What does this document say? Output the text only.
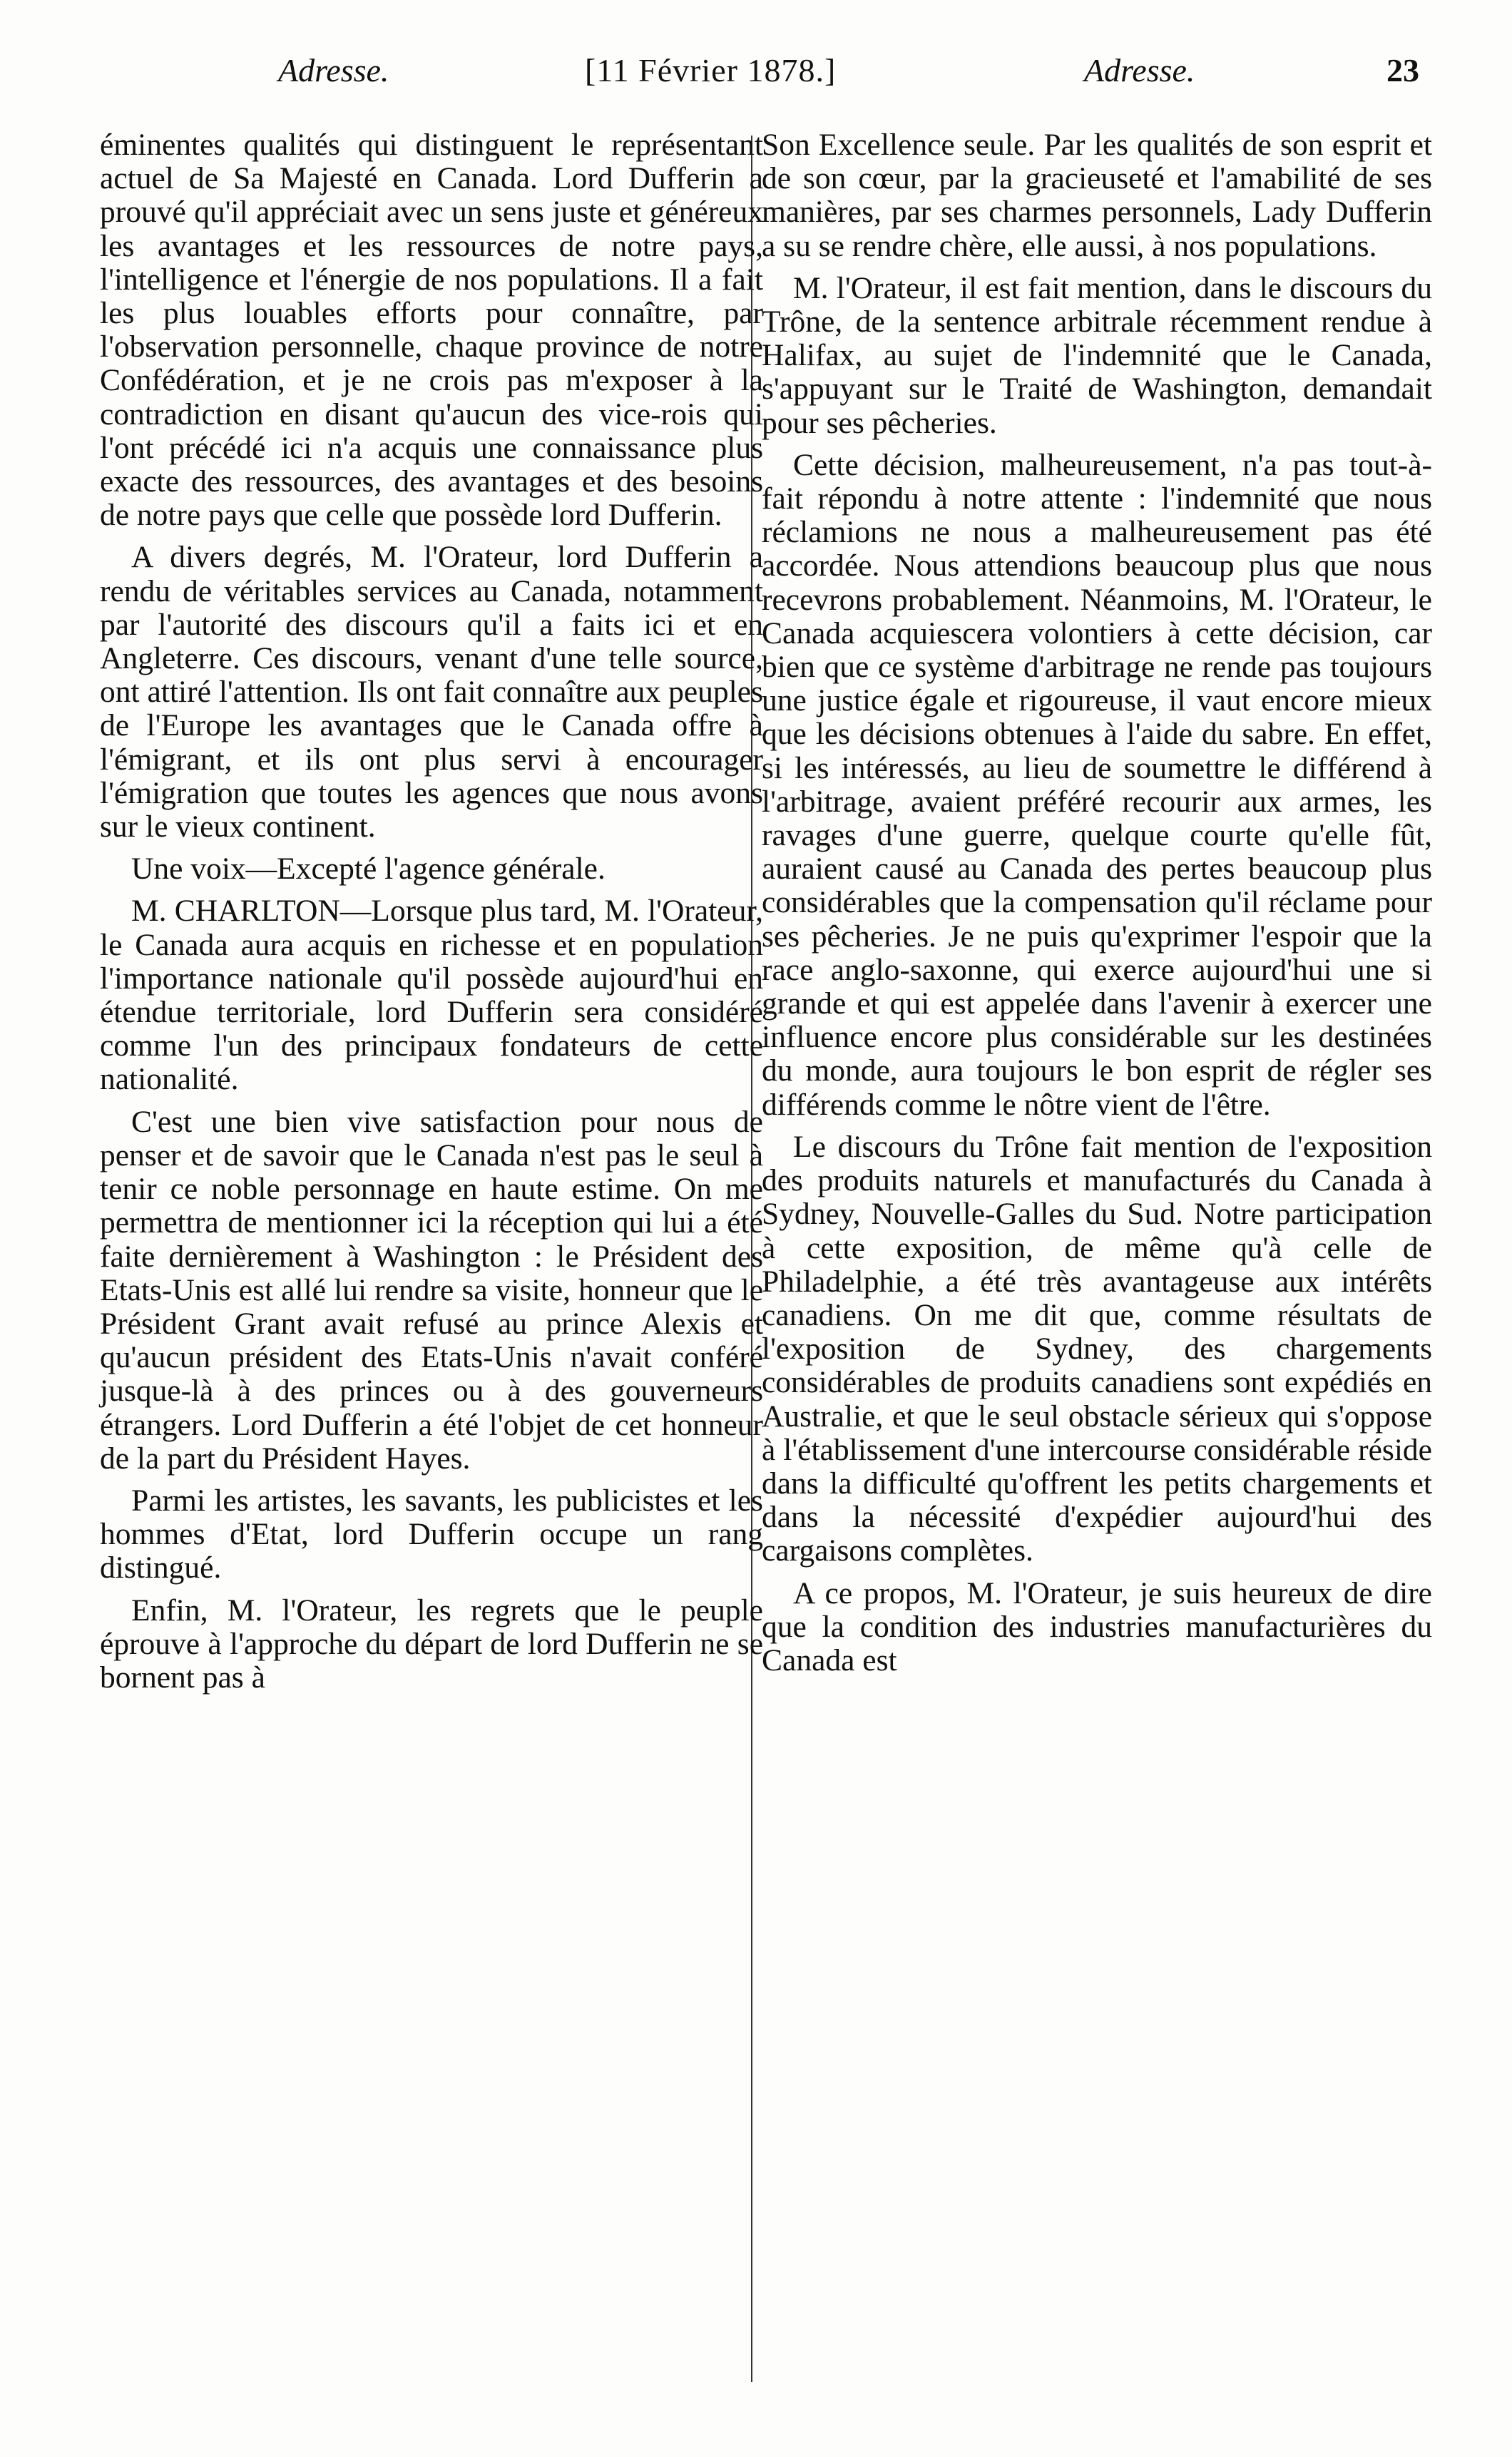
Adresse.	[11 Février 1878.]	Adresse.	23

éminentes qualités qui distinguent le représentant actuel de Sa Majesté en Canada. Lord Dufferin a prouvé qu'il appréciait avec un sens juste et généreux les avantages et les ressources de notre pays, l'intelligence et l'énergie de nos populations. Il a fait les plus louables efforts pour connaître, par l'observation personnelle, chaque province de notre Confédération, et je ne crois pas m'exposer à la contradiction en disant qu'aucun des vice-rois qui l'ont précédé ici n'a acquis une connaissance plus exacte des ressources, des avantages et des besoins de notre pays que celle que possède lord Dufferin.

A divers degrés, M. l'Orateur, lord Dufferin a rendu de véritables services au Canada, notamment par l'autorité des discours qu'il a faits ici et en Angleterre. Ces discours, venant d'une telle source, ont attiré l'attention. Ils ont fait connaître aux peuples de l'Europe les avantages que le Canada offre à l'émigrant, et ils ont plus servi à encourager l'émigration que toutes les agences que nous avons sur le vieux continent.

Une voix—Excepté l'agence générale.

M. CHARLTON—Lorsque plus tard, M. l'Orateur, le Canada aura acquis en richesse et en population l'importance nationale qu'il possède aujourd'hui en étendue territoriale, lord Dufferin sera considéré comme l'un des principaux fondateurs de cette nationalité.

C'est une bien vive satisfaction pour nous de penser et de savoir que le Canada n'est pas le seul à tenir ce noble personnage en haute estime. On me permettra de mentionner ici la réception qui lui a été faite dernièrement à Washington : le Président des Etats-Unis est allé lui rendre sa visite, honneur que le Président Grant avait refusé au prince Alexis et qu'aucun président des Etats-Unis n'avait conféré jusque-là à des princes ou à des gouverneurs étrangers. Lord Dufferin a été l'objet de cet honneur de la part du Président Hayes.

Parmi les artistes, les savants, les publicistes et les hommes d'Etat, lord Dufferin occupe un rang distingué.

Enfin, M. l'Orateur, les regrets que le peuple éprouve à l'approche du départ de lord Dufferin ne se bornent pas à

Son Excellence seule. Par les qualités de son esprit et de son cœur, par la gracieuseté et l'amabilité de ses manières, par ses charmes personnels, Lady Dufferin a su se rendre chère, elle aussi, à nos populations.

M. l'Orateur, il est fait mention, dans le discours du Trône, de la sentence arbitrale récemment rendue à Halifax, au sujet de l'indemnité que le Canada, s'appuyant sur le Traité de Washington, demandait pour ses pêcheries.

Cette décision, malheureusement, n'a pas tout-à-fait répondu à notre attente : l'indemnité que nous réclamions ne nous a malheureusement pas été accordée. Nous attendions beaucoup plus que nous recevrons probablement. Néanmoins, M. l'Orateur, le Canada acquiescera volontiers à cette décision, car bien que ce système d'arbitrage ne rende pas toujours une justice égale et rigoureuse, il vaut encore mieux que les décisions obtenues à l'aide du sabre. En effet, si les intéressés, au lieu de soumettre le différend à l'arbitrage, avaient préféré recourir aux armes, les ravages d'une guerre, quelque courte qu'elle fût, auraient causé au Canada des pertes beaucoup plus considérables que la compensation qu'il réclame pour ses pêcheries. Je ne puis qu'exprimer l'espoir que la race anglo-saxonne, qui exerce aujourd'hui une si grande et qui est appelée dans l'avenir à exercer une influence encore plus considérable sur les destinées du monde, aura toujours le bon esprit de régler ses différends comme le nôtre vient de l'être.

Le discours du Trône fait mention de l'exposition des produits naturels et manufacturés du Canada à Sydney, Nouvelle-Galles du Sud. Notre participation à cette exposition, de même qu'à celle de Philadelphie, a été très avantageuse aux intérêts canadiens. On me dit que, comme résultats de l'exposition de Sydney, des chargements considérables de produits canadiens sont expédiés en Australie, et que le seul obstacle sérieux qui s'oppose à l'établissement d'une intercourse considérable réside dans la difficulté qu'offrent les petits chargements et dans la nécessité d'expédier aujourd'hui des cargaisons complètes.

A ce propos, M. l'Orateur, je suis heureux de dire que la condition des industries manufacturières du Canada est
